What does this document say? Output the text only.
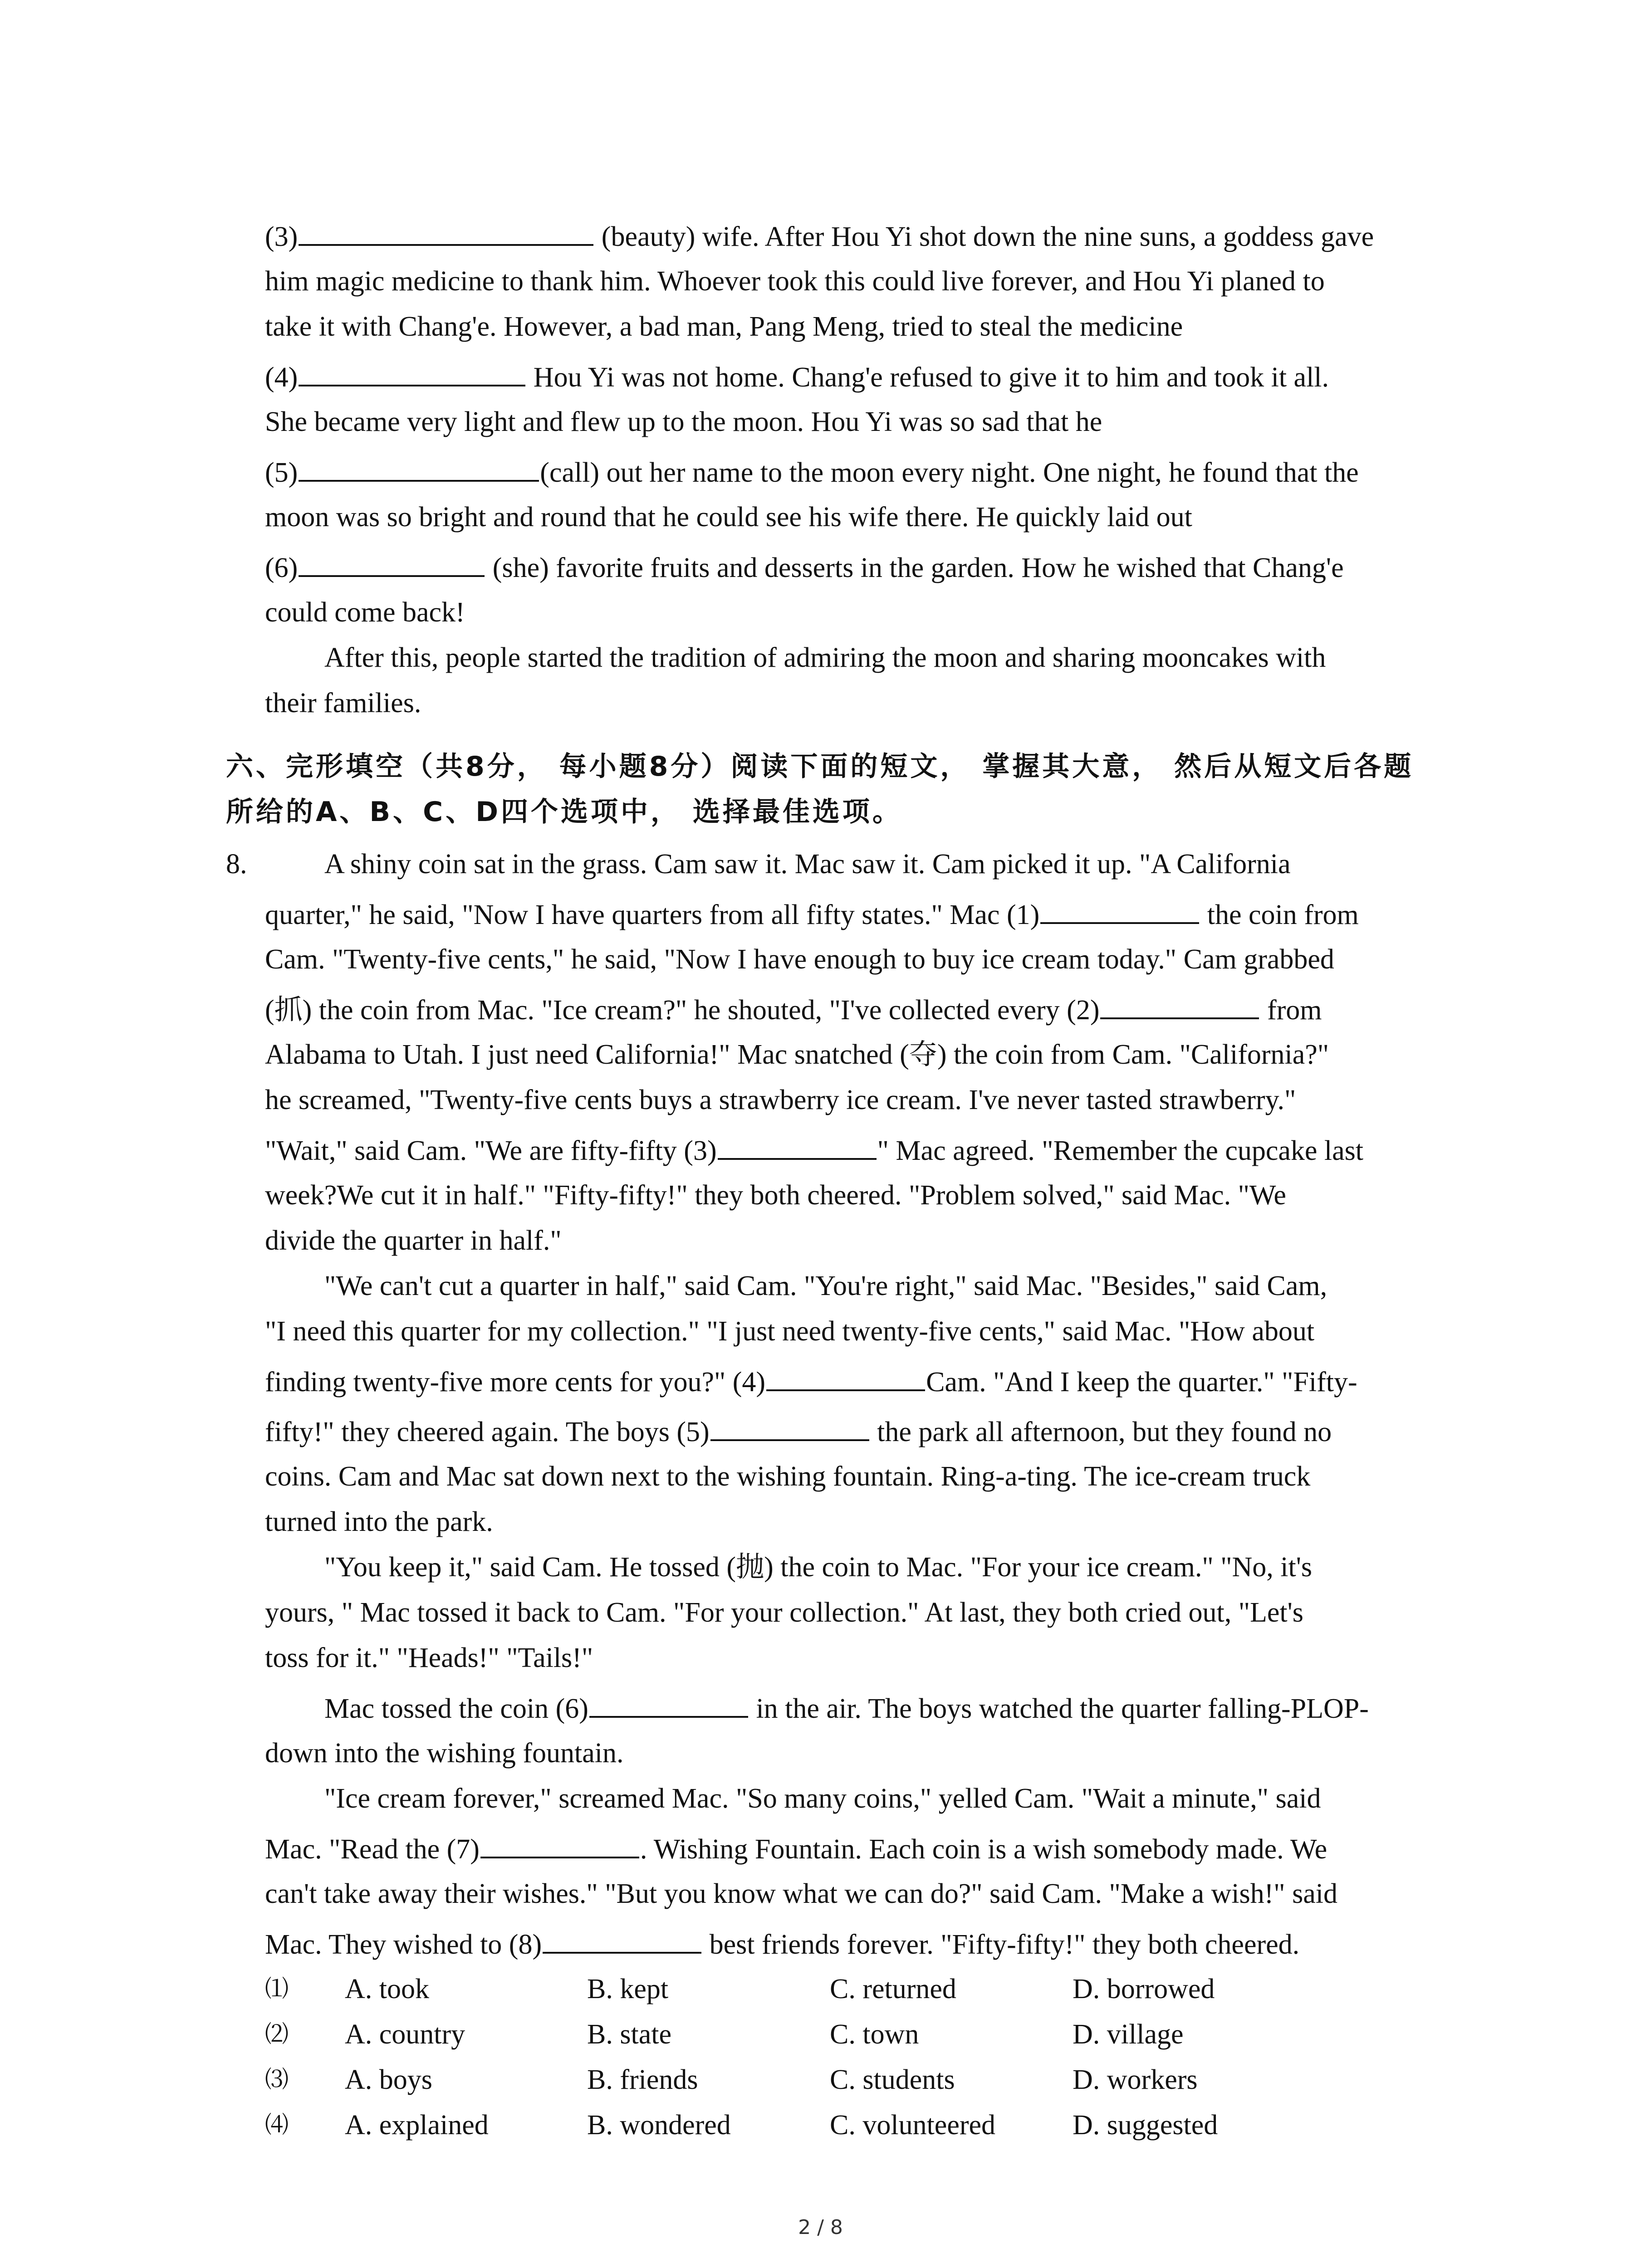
(3)	(beauty) wife. After Hou Yi shot down the nine suns, a goddess gave
him magic medicine to thank him. Whoever took this could live forever, and Hou Yi planed to
take it with Chang'e. However, a bad man, Pang Meng, tried to steal the medicine
(4)	Hou Yi was not home. Chang'e refused to give it to him and took it all.
She became very light and flew up to the moon. Hou Yi was so sad that he
(5)	(call) out her name to the moon every night. One night, he found that the
moon was so bright and round that he could see his wife there. He quickly laid out
(6)	(she) favorite fruits and desserts in the garden. How he wished that Chang'e
could come back!
After this, people started the tradition of admiring the moon and sharing mooncakes with
their families.
六、完形填空（共8分， 每小题8分）阅读下面的短文， 掌握其大意， 然后从短文后各题
所给的A、B、C、D四个选项中， 选择最佳选项。
8.	A shiny coin sat in the grass. Cam saw it. Mac saw it. Cam picked it up. "A California
quarter," he said, "Now I have quarters from all fifty states." Mac (1)	the coin from
Cam. "Twenty-five cents," he said, "Now I have enough to buy ice cream today." Cam grabbed
(抓) the coin from Mac. "Ice cream?" he shouted, "I've collected every (2)	from
Alabama to Utah. I just need California!" Mac snatched (夺) the coin from Cam. "California?"
he screamed, "Twenty-five cents buys a strawberry ice cream. I've never tasted strawberry."
"Wait," said Cam. "We are fifty-fifty (3)	" Mac agreed. "Remember the cupcake last
week?We cut it in half." "Fifty-fifty!" they both cheered. "Problem solved," said Mac. "We
divide the quarter in half."
"We can't cut a quarter in half," said Cam. "You're right," said Mac. "Besides," said Cam,
"I need this quarter for my collection." "I just need twenty-five cents," said Mac. "How about
finding twenty-five more cents for you?" (4)	Cam. "And I keep the quarter." "Fifty-
fifty!" they cheered again. The boys (5)	the park all afternoon, but they found no
coins. Cam and Mac sat down next to the wishing fountain. Ring-a-ting. The ice-cream truck
turned into the park.
"You keep it," said Cam. He tossed (抛) the coin to Mac. "For your ice cream." "No, it's
yours, " Mac tossed it back to Cam. "For your collection." At last, they both cried out, "Let's
toss for it." "Heads!" "Tails!"
Mac tossed the coin (6)	in the air. The boys watched the quarter falling-PLOP-
down into the wishing fountain.
"Ice cream forever," screamed Mac. "So many coins," yelled Cam. "Wait a minute," said
Mac. "Read the (7)	. Wishing Fountain. Each coin is a wish somebody made. We
can't take away their wishes." "But you know what we can do?" said Cam. "Make a wish!" said
Mac. They wished to (8)	best friends forever. "Fifty-fifty!" they both cheered.
⑴ A. took	B. kept	C. returned	D. borrowed
⑵ A. country	B. state	C. town	D. village
⑶ A. boys	B. friends	C. students	D. workers
⑷ A. explained	B. wondered	C. volunteered	D. suggested
2 / 8
